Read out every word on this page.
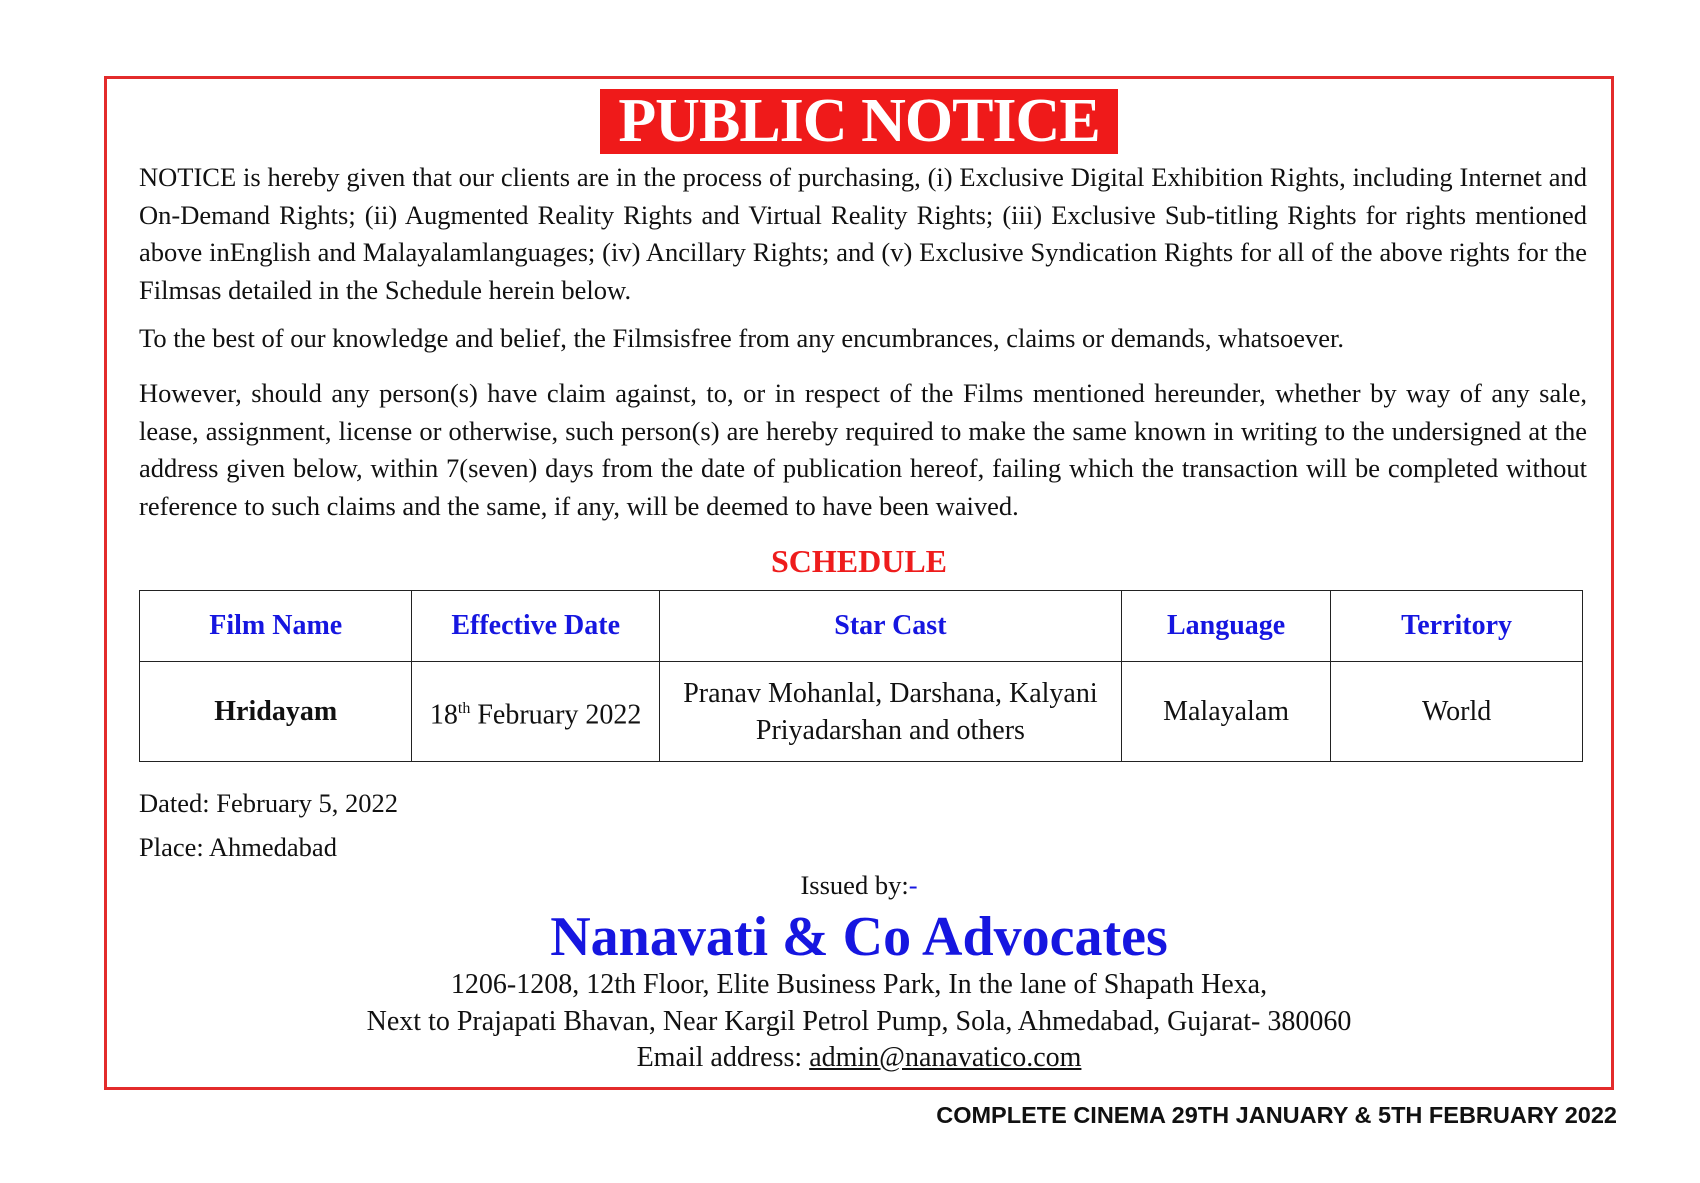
PUBLIC NOTICE

NOTICE is hereby given that our clients are in the process of purchasing, (i) Exclusive Digital Exhibition Rights, including Internet and On-Demand Rights; (ii) Augmented Reality Rights and Virtual Reality Rights; (iii) Exclusive Sub-titling Rights for rights mentioned above inEnglish and Malayalamlanguages; (iv) Ancillary Rights; and (v) Exclusive Syndication Rights for all of the above rights for the Filmsas detailed in the Schedule herein below.

To the best of our knowledge and belief, the Filmsisfree from any encumbrances, claims or demands, whatsoever.

However, should any person(s) have claim against, to, or in respect of the Films mentioned hereunder, whether by way of any sale, lease, assignment, license or otherwise, such person(s) are hereby required to make the same known in writing to the undersigned at the address given below, within 7(seven) days from the date of publication hereof, failing which the transaction will be completed without reference to such claims and the same, if any, will be deemed to have been waived.

SCHEDULE
Film Name	Effective Date	Star Cast	Language	Territory
Hridayam	18th February 2022	Pranav Mohanlal, Darshana, Kalyani Priyadarshan and others	Malayalam	World
Dated: February 5, 2022
Place: Ahmedabad
Issued by:-
Nanavati & Co Advocates
1206-1208, 12th Floor, Elite Business Park, In the lane of Shapath Hexa,
Next to Prajapati Bhavan, Near Kargil Petrol Pump, Sola, Ahmedabad, Gujarat- 380060
Email address: admin@nanavatico.com
COMPLETE CINEMA 29TH JANUARY & 5TH FEBRUARY 2022
